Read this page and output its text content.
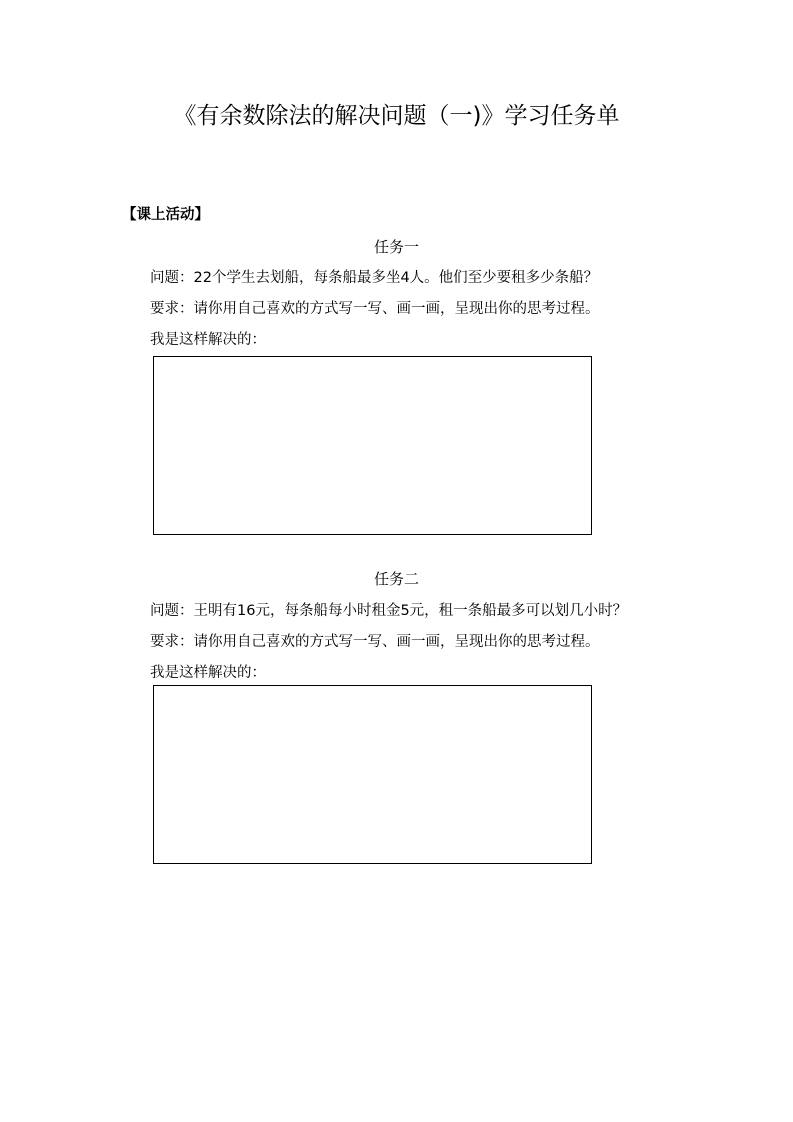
《有余数除法的解决问题（一)》学习任务单
【课上活动】
任务一
问题：22个学生去划船，每条船最多坐4人。他们至少要租多少条船？
要求：请你用自己喜欢的方式写一写、画一画，呈现出你的思考过程。
我是这样解决的：
任务二
问题：王明有16元，每条船每小时租金5元，租一条船最多可以划几小时？
要求：请你用自己喜欢的方式写一写、画一画，呈现出你的思考过程。
我是这样解决的：
